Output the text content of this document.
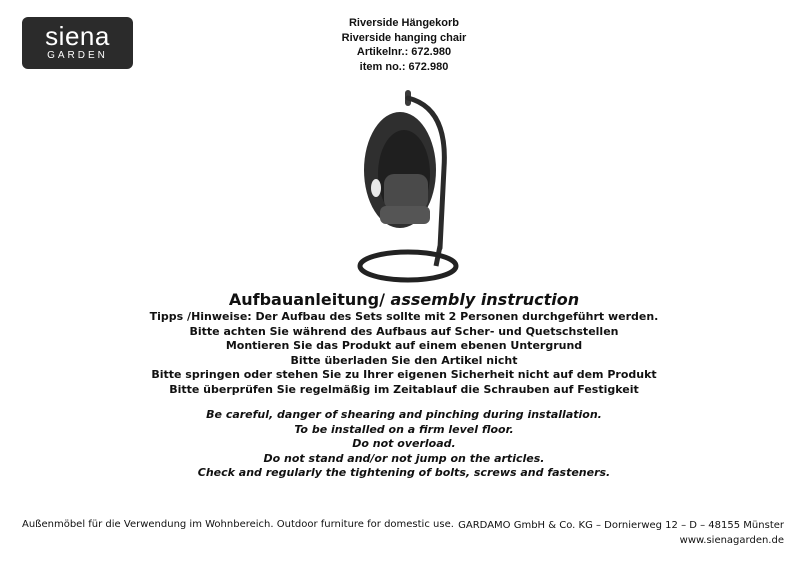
siena
GARDEN

Riverside Hängekorb

Riverside hanging chair

Artikelnr.: 672.980

item no.: 672.980

Aufbauanleitung/ assembly instruction

Tipps /Hinweise: Der Aufbau des Sets sollte mit 2 Personen durchgeführt werden.

Bitte achten Sie während des Aufbaus auf Scher- und Quetschstellen

Montieren Sie das Produkt auf einem ebenen Untergrund

Bitte überladen Sie den Artikel nicht

Bitte springen oder stehen Sie zu Ihrer eigenen Sicherheit nicht auf dem Produkt

Bitte überprüfen Sie regelmäßig im Zeitablauf die Schrauben auf Festigkeit

Be careful, danger of shearing and pinching during installation.

To be installed on a firm level floor.

Do not overload.

Do not stand and/or not jump on the articles.

Check and regularly the tightening of bolts, screws and fasteners.

Außenmöbel für die Verwendung im Wohnbereich. Outdoor furniture for domestic use. GARDAMO GmbH & Co. KG – Dornierweg 12 – D – 48155 Münster

www.sienagarden.de
